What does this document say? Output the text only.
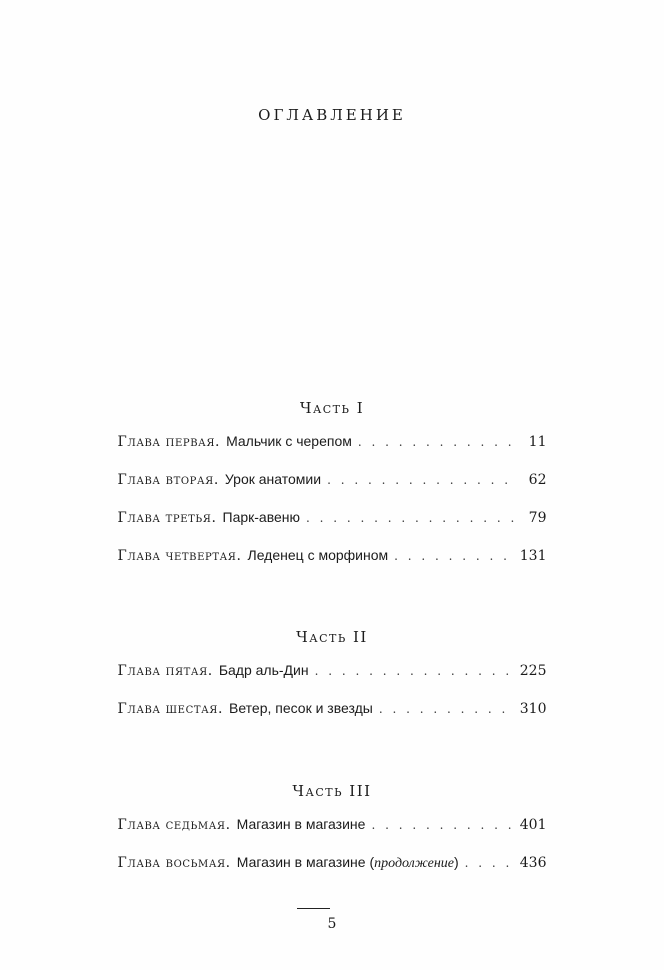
ОГЛАВЛЕНИЕ
Часть I
Глава первая. Мальчик с черепом . . .	11
Глава вторая. Урок анатомии . . .	62
Глава третья. Парк-авеню . . .	79
Глава четвертая. Леденец с морфином . . .	131
Часть II
Глава пятая. Бадр аль-Дин . . .	225
Глава шестая. Ветер, песок и звезды . . .	310
Часть III
Глава седьмая. Магазин в магазине . . .	401
Глава восьмая. Магазин в магазине ( продолжение ) . . .	436
5
